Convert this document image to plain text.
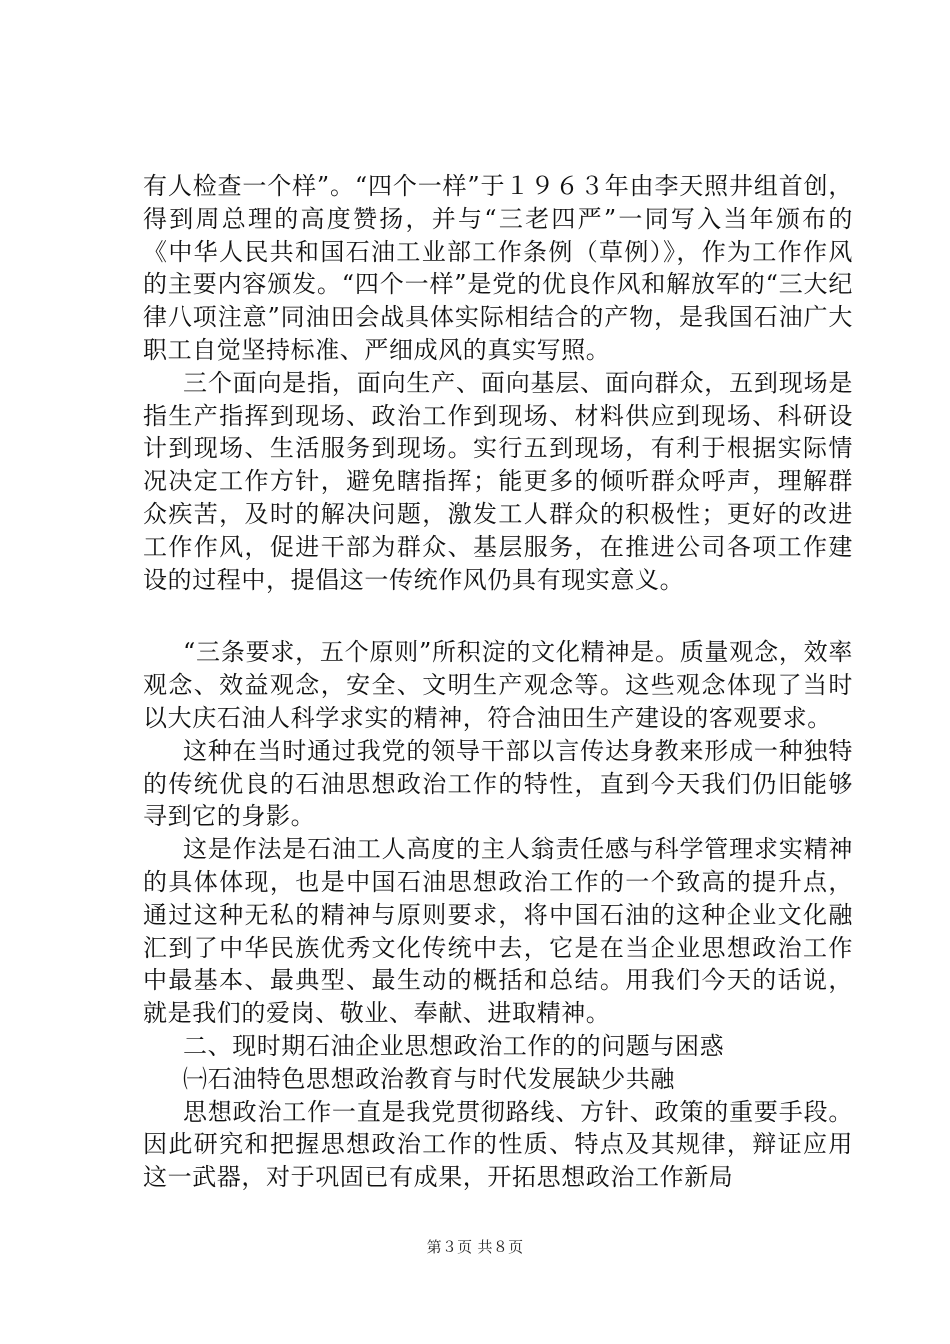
有人检查一个样”。“四个一样”于１９６３年由李天照井组首创，得到周总理的高度赞扬，并与“三老四严”一同写入当年颁布的《中华人民共和国石油工业部工作条例（草例）》，作为工作作风的主要内容颁发。“四个一样”是党的优良作风和解放军的“三大纪律八项注意”同油田会战具体实际相结合的产物，是我国石油广大职工自觉坚持标准、严细成风的真实写照。

三个面向是指，面向生产、面向基层、面向群众，五到现场是指生产指挥到现场、政治工作到现场、材料供应到现场、科研设计到现场、生活服务到现场。实行五到现场，有利于根据实际情况决定工作方针，避免瞎指挥；能更多的倾听群众呼声，理解群众疾苦，及时的解决问题，激发工人群众的积极性；更好的改进工作作风，促进干部为群众、基层服务，在推进公司各项工作建设的过程中，提倡这一传统作风仍具有现实意义。

“三条要求，五个原则”所积淀的文化精神是。质量观念，效率观念、效益观念，安全、文明生产观念等。这些观念体现了当时以大庆石油人科学求实的精神，符合油田生产建设的客观要求。

这种在当时通过我党的领导干部以言传达身教来形成一种独特的传统优良的石油思想政治工作的特性，直到今天我们仍旧能够寻到它的身影。

这是作法是石油工人高度的主人翁责任感与科学管理求实精神的具体体现，也是中国石油思想政治工作的一个致高的提升点，通过这种无私的精神与原则要求，将中国石油的这种企业文化融汇到了中华民族优秀文化传统中去，它是在当企业思想政治工作中最基本、最典型、最生动的概括和总结。用我们今天的话说，就是我们的爱岗、敬业、奉献、进取精神。

二、现时期石油企业思想政治工作的的问题与困惑

㈠石油特色思想政治教育与时代发展缺少共融

思想政治工作一直是我党贯彻路线、方针、政策的重要手段。因此研究和把握思想政治工作的性质、特点及其规律，辩证应用这一武器，对于巩固已有成果，开拓思想政治工作新局

第３页 共８页
